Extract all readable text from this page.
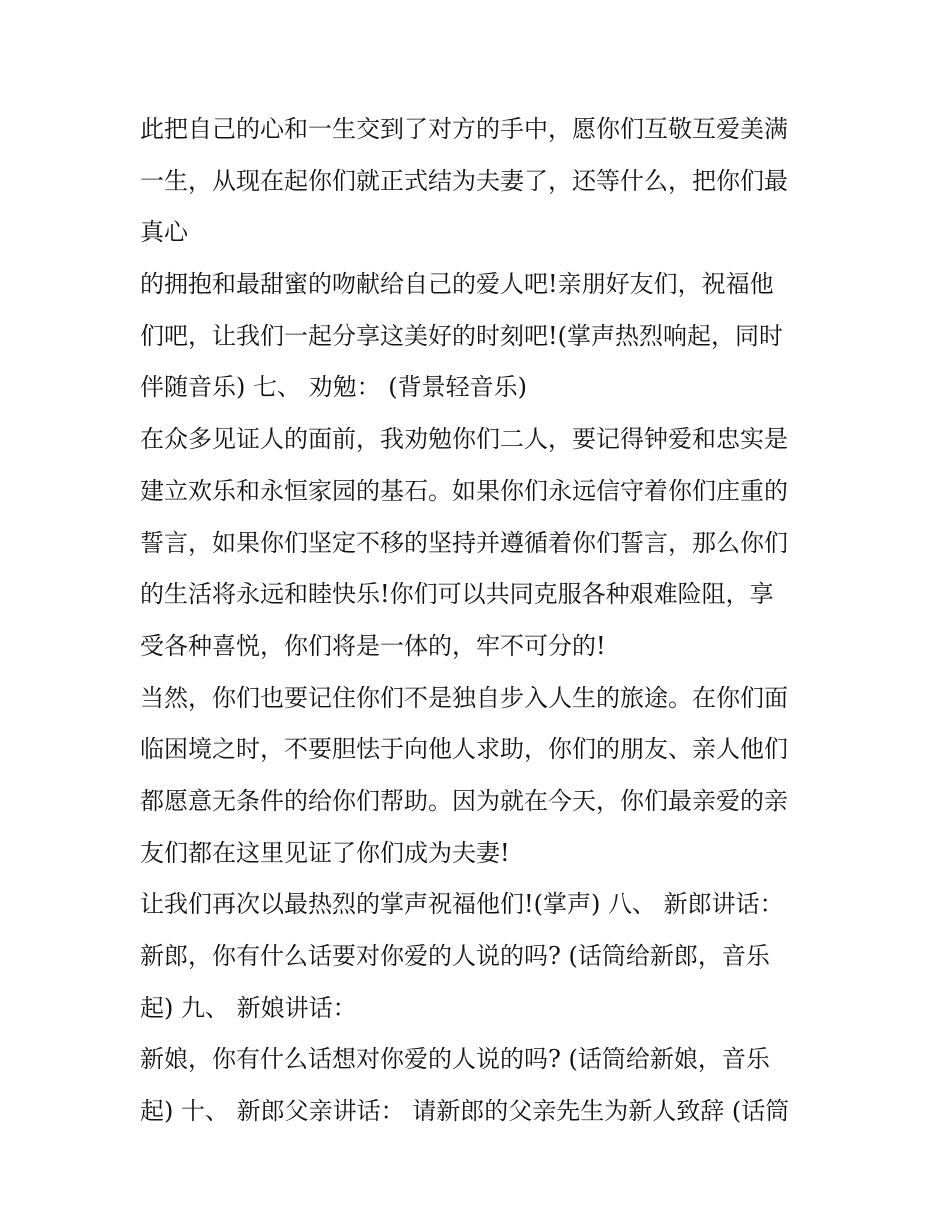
此把自己的心和一生交到了对方的手中，愿你们互敬互爱美满
一生，从现在起你们就正式结为夫妻了，还等什么，把你们最
真心
的拥抱和最甜蜜的吻献给自己的爱人吧!亲朋好友们，祝福他
们吧，让我们一起分享这美好的时刻吧!(掌声热烈响起，同时
伴随音乐) 七、 劝勉： (背景轻音乐)
在众多见证人的面前，我劝勉你们二人，要记得钟爱和忠实是
建立欢乐和永恒家园的基石。如果你们永远信守着你们庄重的
誓言，如果你们坚定不移的坚持并遵循着你们誓言，那么你们
的生活将永远和睦快乐!你们可以共同克服各种艰难险阻，享
受各种喜悦，你们将是一体的，牢不可分的!
当然，你们也要记住你们不是独自步入人生的旅途。在你们面
临困境之时，不要胆怯于向他人求助，你们的朋友、亲人他们
都愿意无条件的给你们帮助。因为就在今天，你们最亲爱的亲
友们都在这里见证了你们成为夫妻!
让我们再次以最热烈的掌声祝福他们!(掌声) 八、 新郎讲话：
新郎，你有什么话要对你爱的人说的吗? (话筒给新郎，音乐
起) 九、 新娘讲话：
新娘，你有什么话想对你爱的人说的吗? (话筒给新娘，音乐
起) 十、 新郎父亲讲话： 请新郎的父亲先生为新人致辞 (话筒
